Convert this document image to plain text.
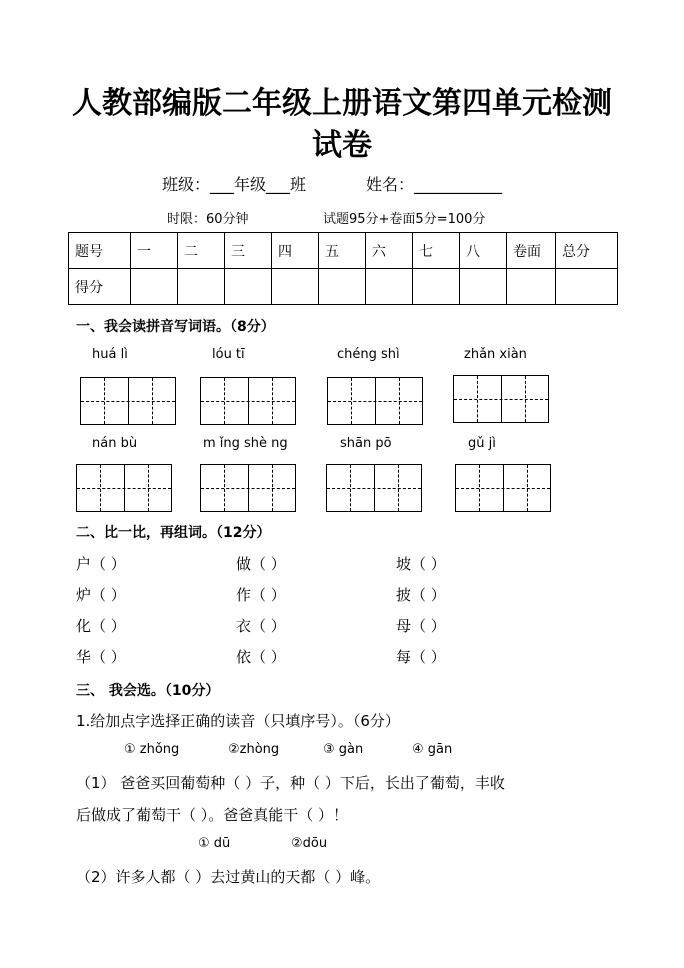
人教部编版二年级上册语文第四单元检测
试卷
班级：___年级___班	姓名：___________
时限：60分钟	试题95分+卷面5分=100分
题号	一	二	三	四	五	六	七	八	卷面	总分
得分										
一、我会读拼音写词语。（8分）
huá lì	lóu tī	chéng shì	zhǎn xiàn
nán bù	m ǐng shè ng	shān pō	gǔ jì
二、比一比，再组词。（12分）
户（ ）	做（ ）	坡（ ）
炉（ ）	作（ ）	披（ ）
化（ ）	衣（ ）	母（ ）
华（ ）	依（ ）	每（ ）
三、 我会选。（10分）
1.给加点字选择正确的读音（只填序号）。（6分）
① zhǒng	②zhòng	③ gàn	④ gān
（1） 爸爸买回葡萄种（ ）子，种（ ）下后，长出了葡萄，丰收
后做成了葡萄干（ ）。爸爸真能干（ ）！
① dū	②dōu
（2）许多人都（ ）去过黄山的天都（ ）峰。
